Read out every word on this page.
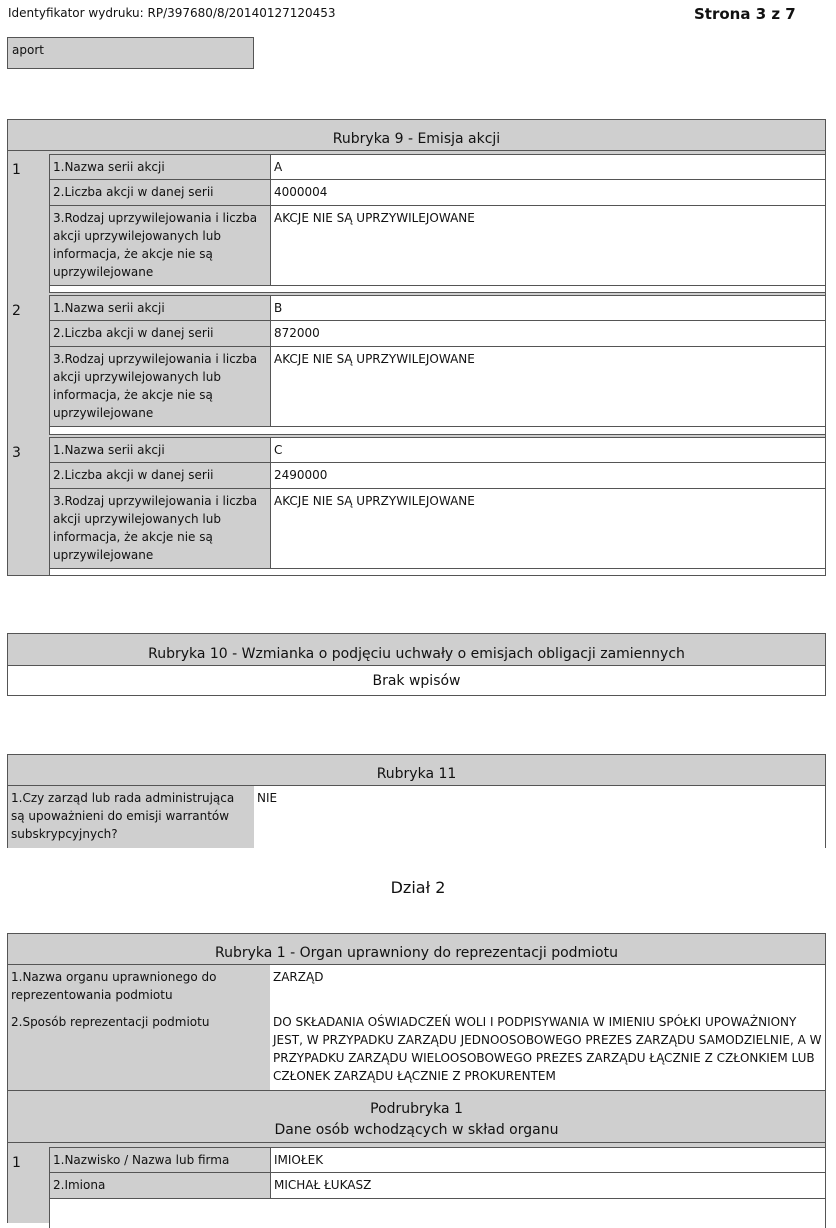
Identyfikator wydruku: RP/397680/8/20140127120453	Strona 3 z 7
aport
Rubryka 9 - Emisja akcji
1	1.Nazwa serii akcji	A
2.Liczba akcji w danej serii	4000004
3.Rodzaj uprzywilejowania i liczba akcji uprzywilejowanych lub informacja, że akcje nie są uprzywilejowane
AKCJE NIE SĄ UPRZYWILEJOWANE
2	1.Nazwa serii akcji	B
2.Liczba akcji w danej serii	872000
3.Rodzaj uprzywilejowania i liczba akcji uprzywilejowanych lub informacja, że akcje nie są uprzywilejowane
AKCJE NIE SĄ UPRZYWILEJOWANE
3	1.Nazwa serii akcji	C
2.Liczba akcji w danej serii	2490000
3.Rodzaj uprzywilejowania i liczba akcji uprzywilejowanych lub informacja, że akcje nie są uprzywilejowane
AKCJE NIE SĄ UPRZYWILEJOWANE
Rubryka 10 - Wzmianka o podjęciu uchwały o emisjach obligacji zamiennych
Brak wpisów
Rubryka 11
1.Czy zarząd lub rada administrująca są upoważnieni do emisji warrantów subskrypcyjnych?
NIE
Dział 2
Rubryka 1 - Organ uprawniony do reprezentacji podmiotu
1.Nazwa organu uprawnionego do reprezentowania podmiotu
ZARZĄD
2.Sposób reprezentacji podmiotu	DO SKŁADANIA OŚWIADCZEŃ WOLI I PODPISYWANIA W IMIENIU SPÓŁKI UPOWAŻNIONY JEST, W PRZYPADKU ZARZĄDU JEDNOOSOBOWEGO PREZES ZARZĄDU SAMODZIELNIE, A W PRZYPADKU ZARZĄDU WIELOOSOBOWEGO PREZES ZARZĄDU ŁĄCZNIE Z CZŁONKIEM LUB CZŁONEK ZARZĄDU ŁĄCZNIE Z PROKURENTEM
Podrubryka 1
Dane osób wchodzących w skład organu
1	1.Nazwisko / Nazwa lub firma	IMIOŁEK
2.Imiona	MICHAŁ ŁUKASZ
